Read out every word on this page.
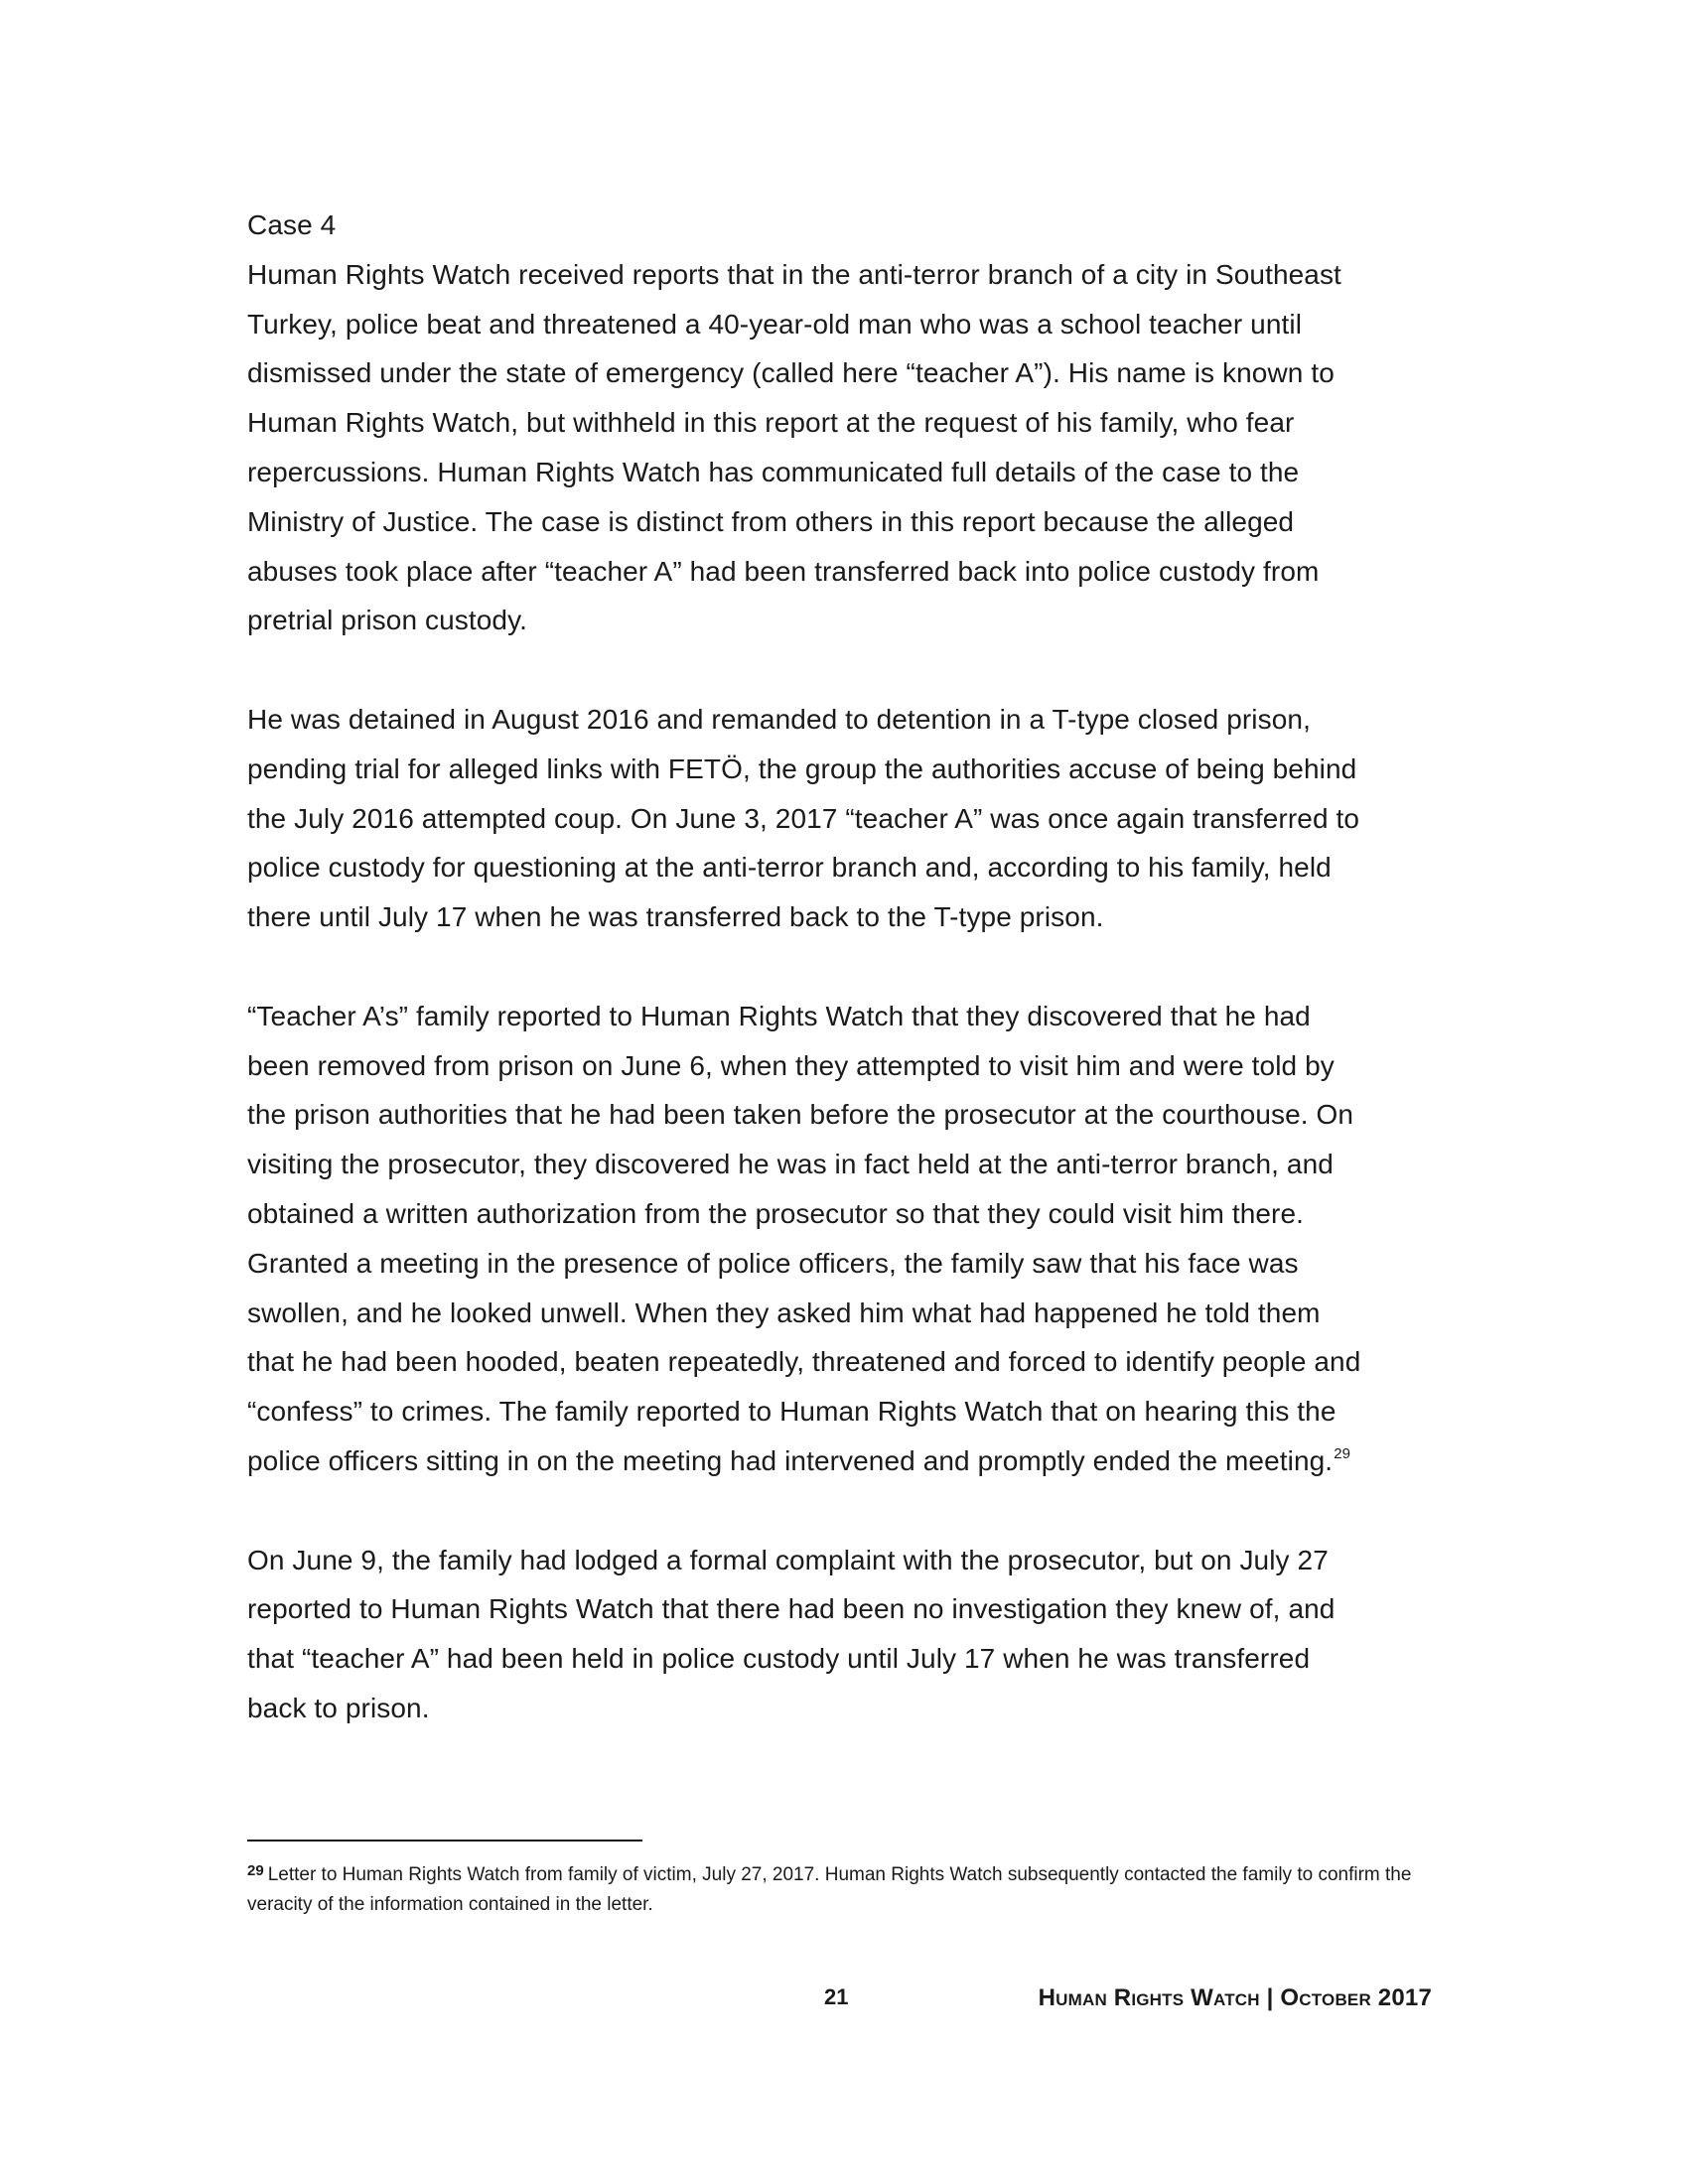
Case 4

Human Rights Watch received reports that in the anti-terror branch of a city in Southeast
Turkey, police beat and threatened a 40-year-old man who was a school teacher until
dismissed under the state of emergency (called here “teacher A”). His name is known to
Human Rights Watch, but withheld in this report at the request of his family, who fear
repercussions. Human Rights Watch has communicated full details of the case to the
Ministry of Justice. The case is distinct from others in this report because the alleged
abuses took place after “teacher A” had been transferred back into police custody from
pretrial prison custody.

He was detained in August 2016 and remanded to detention in a T-type closed prison,
pending trial for alleged links with FETÖ, the group the authorities accuse of being behind
the July 2016 attempted coup. On June 3, 2017 “teacher A” was once again transferred to
police custody for questioning at the anti-terror branch and, according to his family, held
there until July 17 when he was transferred back to the T-type prison.

“Teacher A’s” family reported to Human Rights Watch that they discovered that he had
been removed from prison on June 6, when they attempted to visit him and were told by
the prison authorities that he had been taken before the prosecutor at the courthouse. On
visiting the prosecutor, they discovered he was in fact held at the anti-terror branch, and
obtained a written authorization from the prosecutor so that they could visit him there.
Granted a meeting in the presence of police officers, the family saw that his face was
swollen, and he looked unwell. When they asked him what had happened he told them
that he had been hooded, beaten repeatedly, threatened and forced to identify people and
“confess” to crimes. The family reported to Human Rights Watch that on hearing this the
police officers sitting in on the meeting had intervened and promptly ended the meeting.$^{29}$

On June 9, the family had lodged a formal complaint with the prosecutor, but on July 27
reported to Human Rights Watch that there had been no investigation they knew of, and
that “teacher A” had been held in police custody until July 17 when he was transferred
back to prison.

$^{29}$ Letter to Human Rights Watch from family of victim, July 27, 2017. Human Rights Watch subsequently contacted the family to confirm the veracity of the information contained in the letter.
21	Human Rights Watch | October 2017
